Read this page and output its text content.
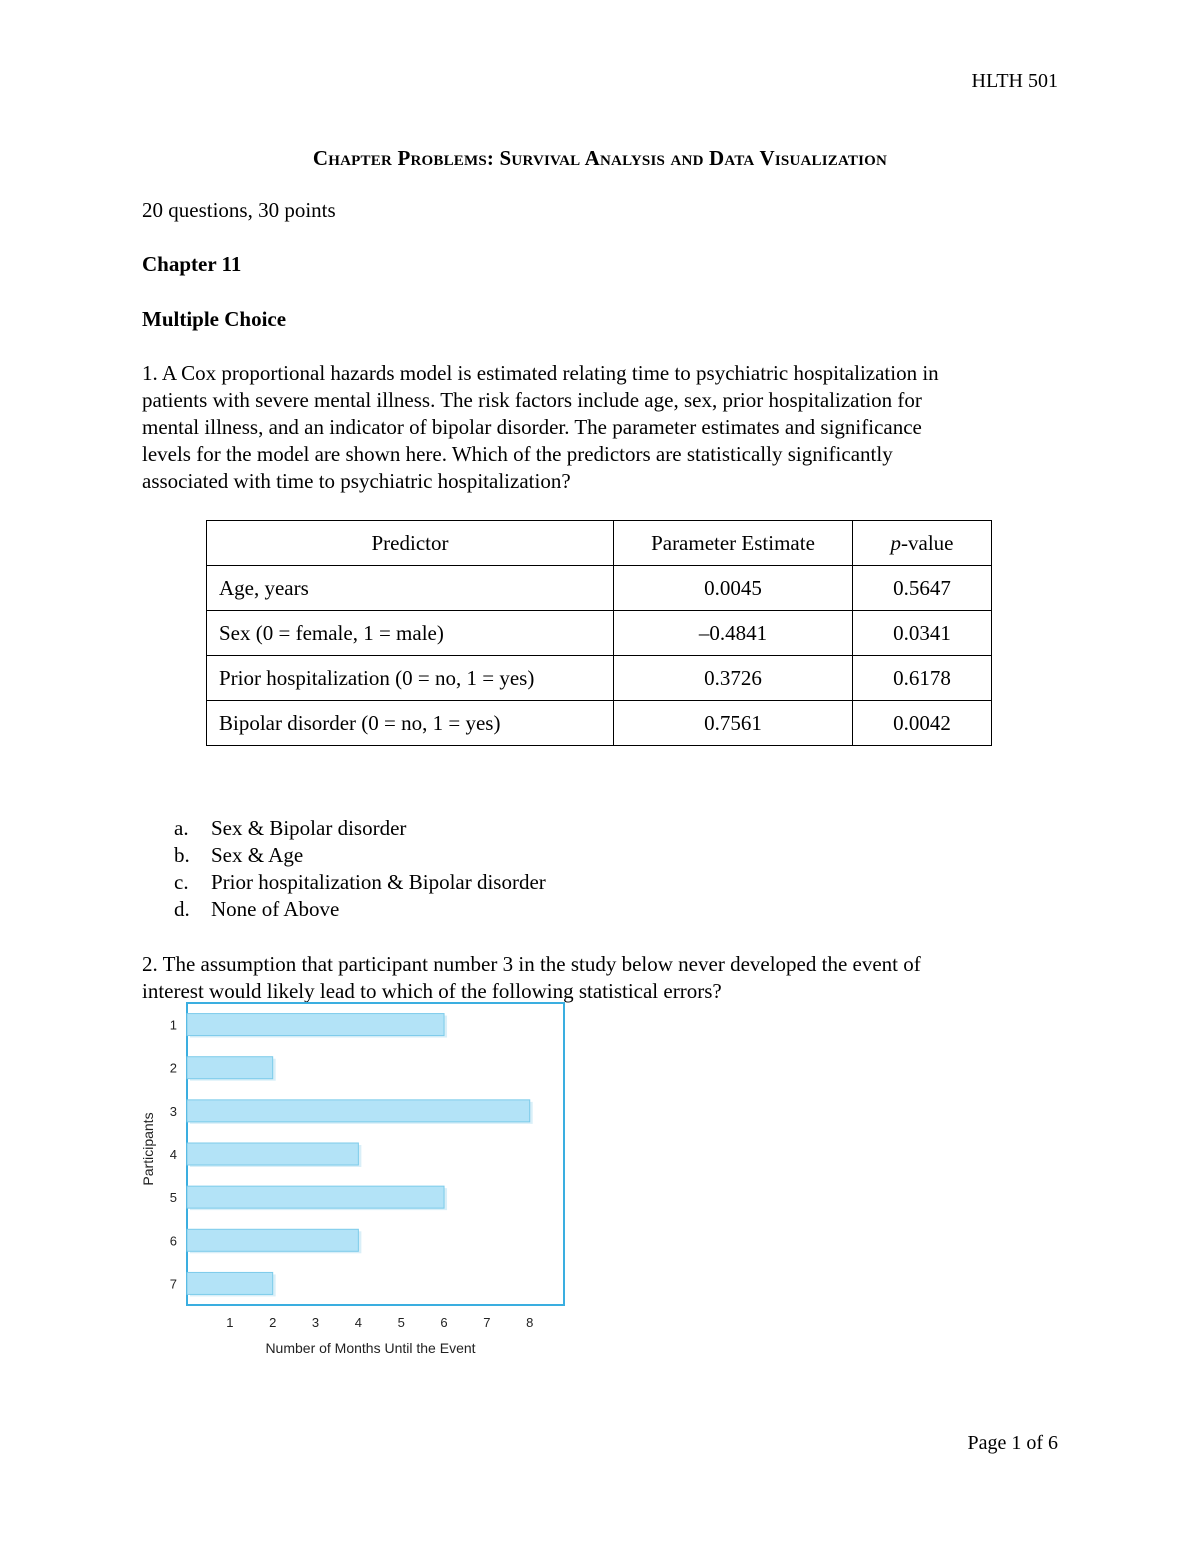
HLTH 501
Chapter Problems: Survival Analysis and Data Visualization
20 questions, 30 points
Chapter 11
Multiple Choice
1. A Cox proportional hazards model is estimated relating time to psychiatric hospitalization in
patients with severe mental illness. The risk factors include age, sex, prior hospitalization for
mental illness, and an indicator of bipolar disorder. The parameter estimates and significance
levels for the model are shown here. Which of the predictors are statistically significantly
associated with time to psychiatric hospitalization?
Predictor	Parameter Estimate	p-value
Age, years	0.0045	0.5647
Sex (0 = female, 1 = male)	–0.4841	0.0341
Prior hospitalization (0 = no, 1 = yes)	0.3726	0.6178
Bipolar disorder (0 = no, 1 = yes)	0.7561	0.0042
a.	Sex & Bipolar disorder
b.	Sex & Age
c.	Prior hospitalization & Bipolar disorder
d.	None of Above
2. The assumption that participant number 3 in the study below never developed the event of
interest would likely lead to which of the following statistical errors?
1
2
3
4
5
6
7
1	2	3	4	5	6	7	8
Number of Months Until the Event
Participants
Page 1 of 6
